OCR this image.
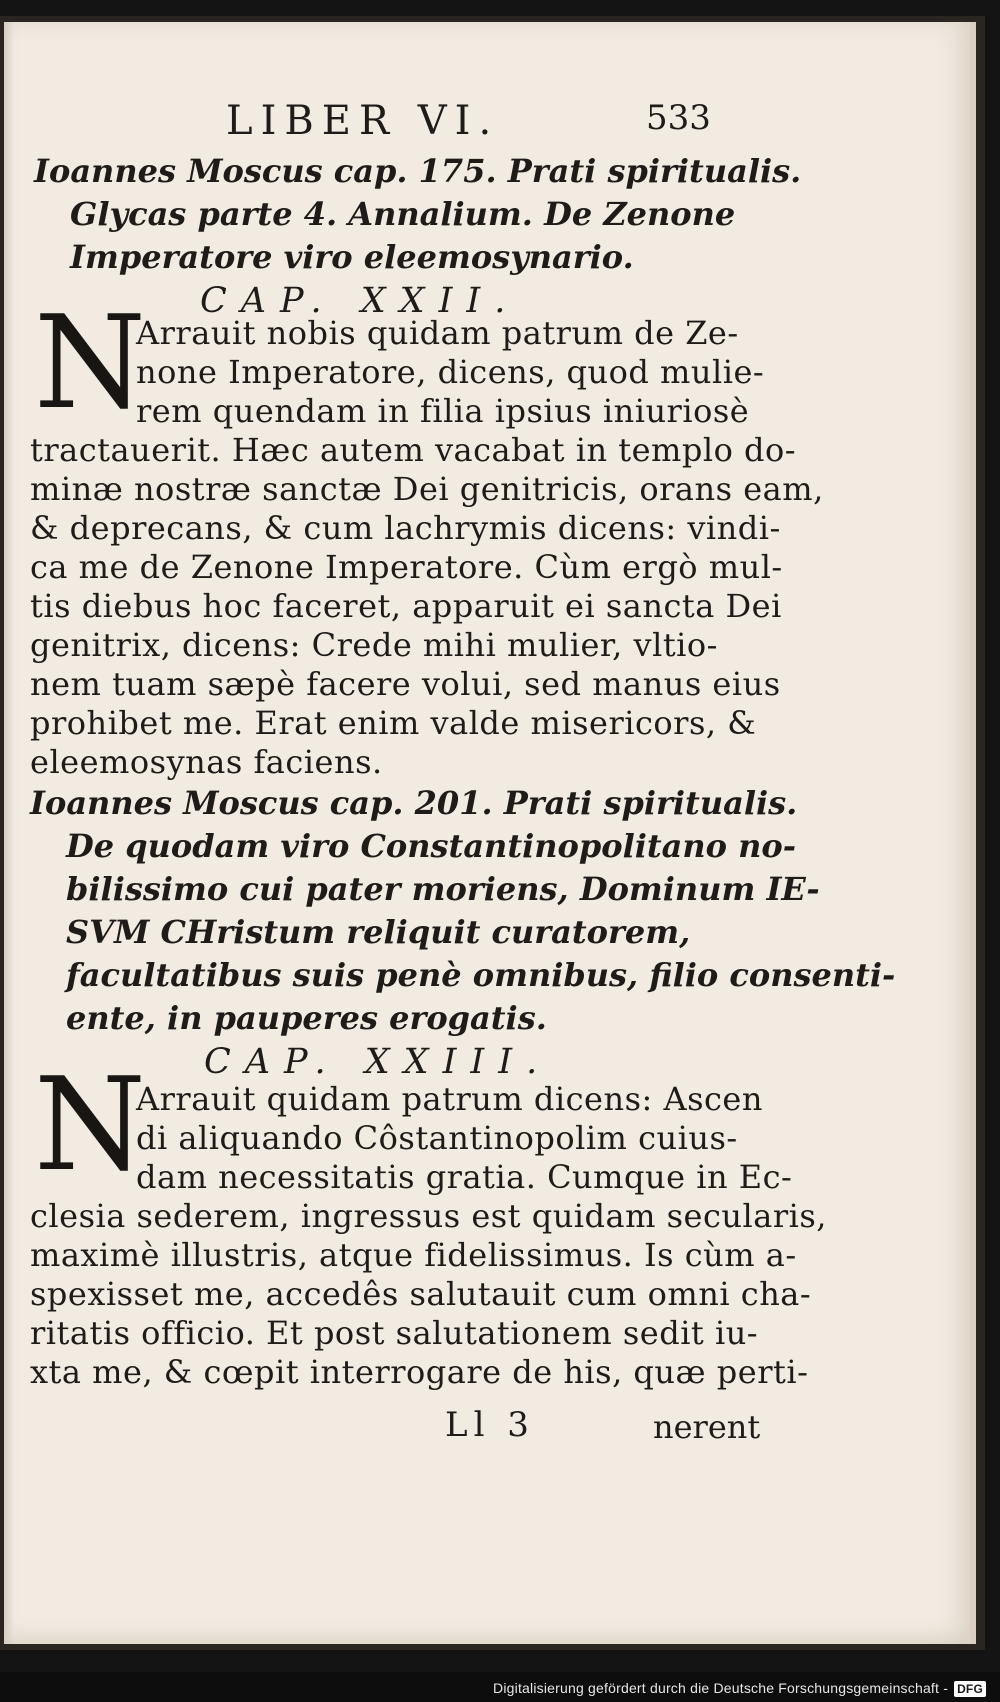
LIBER VI.	533
Ioannes Moscus cap. 175. Prati spiritualis.
Glycas parte 4. Annalium. De Zenone
Imperatore viro eleemosynario.
CAP. XXII.
N
Arrauit nobis quidam patrum de Ze-
none Imperatore, dicens, quod mulie-
rem quendam in filia ipsius iniuriosè
tractauerit. Hæc autem vacabat in templo do-
minæ nostræ sanctæ Dei genitricis, orans eam,
& deprecans, & cum lachrymis dicens: vindi-
ca me de Zenone Imperatore. Cùm ergò mul-
tis diebus hoc faceret, apparuit ei sancta Dei
genitrix, dicens: Crede mihi mulier, vltio-
nem tuam sæpè facere volui, sed manus eius
prohibet me. Erat enim valde misericors, &
eleemosynas faciens.
Ioannes Moscus cap. 201. Prati spiritualis.
De quodam viro Constantinopolitano no-
bilissimo cui pater moriens, Dominum IE-
SVM CHristum reliquit curatorem,
facultatibus suis penè omnibus, filio consenti-
ente, in pauperes erogatis.
CAP. XXIII.
N
Arrauit quidam patrum dicens: Ascen
di aliquando Côstantinopolim cuius-
dam necessitatis gratia. Cumque in Ec-
clesia sederem, ingressus est quidam secularis,
maximè illustris, atque fidelissimus. Is cùm a-
spexisset me, accedês salutauit cum omni cha-
ritatis officio. Et post salutationem sedit iu-
xta me, & cœpit interrogare de his, quæ perti-
Ll 3	nerent
Digitalisierung gefördert durch die Deutsche Forschungsgemeinschaft - DFG
